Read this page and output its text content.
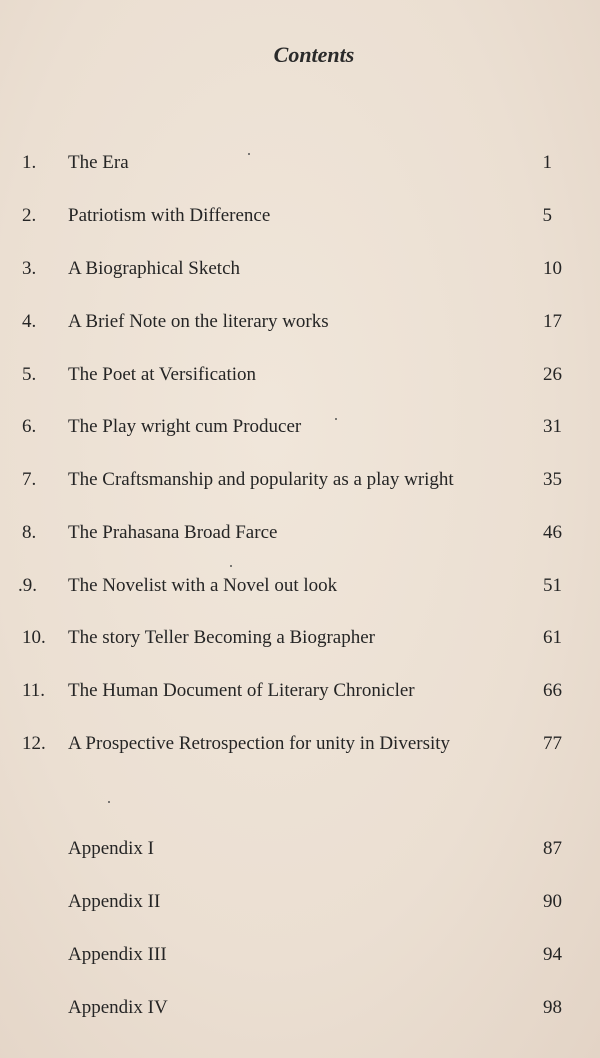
Contents
1.	The Era	1
2.	Patriotism with Difference	5
3.	A Biographical Sketch	10
4.	A Brief Note on the literary works	17
5.	The Poet at Versification	26
6.	The Play wright cum Producer	31
7.	The Craftsmanship and popularity as a play wright	35
8.	The Prahasana Broad Farce	46
.9.	The Novelist with a Novel out look	51
10.	The story Teller Becoming a Biographer	61
11.	The Human Document of Literary Chronicler	66
12.	A Prospective Retrospection for unity in Diversity	77
Appendix I	87
Appendix II	90
Appendix III	94
Appendix IV	98
